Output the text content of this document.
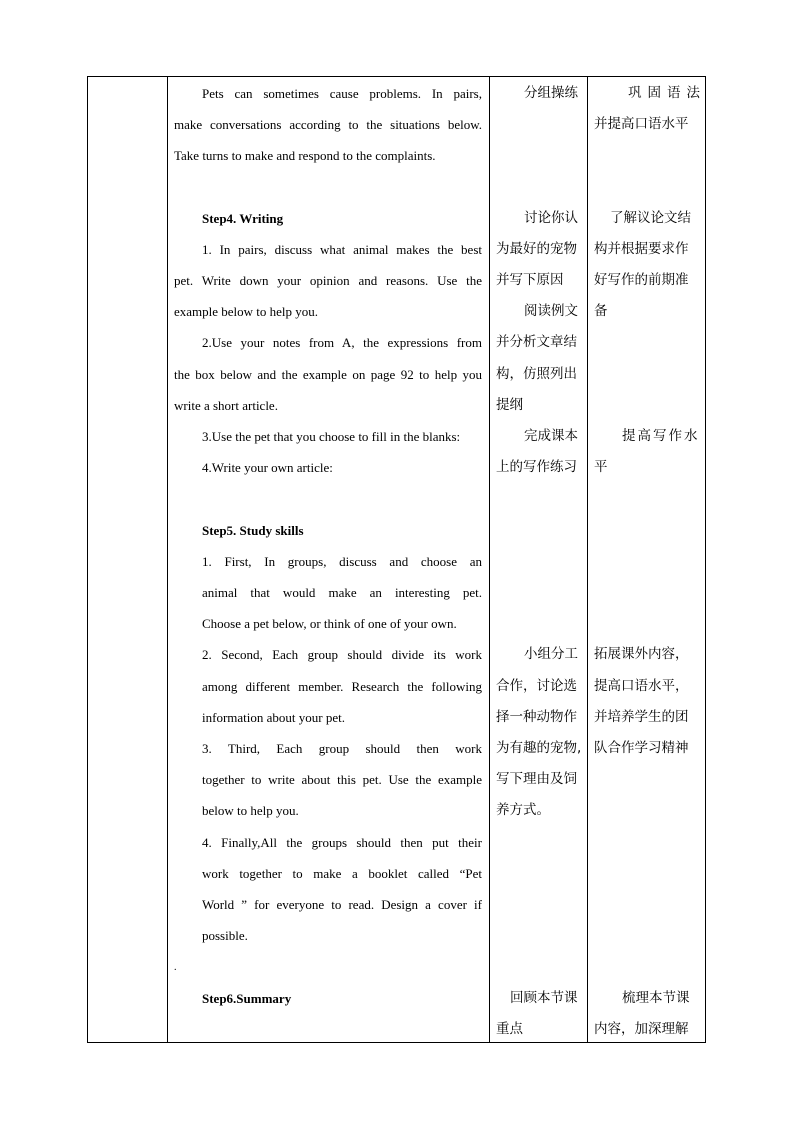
Pets can sometimes cause problems. In pairs,
make conversations according to the situations below.
Take turns to make and respond to the complaints.
Step4. Writing
1. In pairs, discuss what animal makes the best
pet. Write down your opinion and reasons. Use the
example below to help you.
2.Use your notes from A, the expressions from
the box below and the example on page 92 to help you
write a short article.
3.Use the pet that you choose to fill in the blanks:
4.Write your own article:
Step5. Study skills
1. First, In groups, discuss and choose an
animal that would make an interesting pet.
Choose a pet below, or think of one of your own.
2. Second, Each group should divide its work
among different member. Research the following
information about your pet.
3. Third, Each group should then work
together to write about this pet. Use the example
below to help you.
4. Finally,All the groups should then put their
work together to make a booklet called “Pet
World ” for everyone to read. Design a cover if
possible.
.
Step6.Summary
分组操练
讨论你认
为最好的宠物
并写下原因
阅读例文
并分析文章结
构，仿照列出
提纲
完成课本
上的写作练习
小组分工
合作，讨论选
择一种动物作
为有趣的宠物,
写下理由及饲
养方式。
回顾本节课
重点
巩固语法
并提高口语水平
了解议论文结
构并根据要求作
好写作的前期准
备
提高写作水
平
拓展课外内容，
提高口语水平，
并培养学生的团
队合作学习精神
梳理本节课
内容，加深理解
